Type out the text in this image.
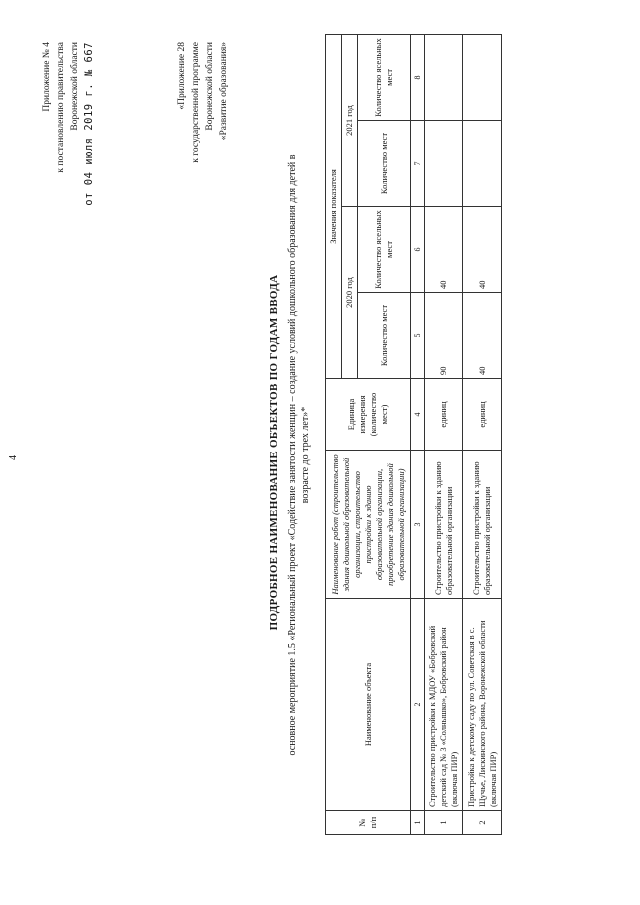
4
Приложение № 4 к постановлению правительства Воронежской области от 04 июля 2019 г. № 667	«Приложение 28 к государственной программе Воронежской области «Развитие образования»
ПОДРОБНОЕ НАИМЕНОВАНИЕ ОБЪЕКТОВ ПО ГОДАМ ВВОДА основное мероприятие 1.5 «Региональный проект «Содействие занятости женщин – создание условий дошкольного образования для детей в возрасте до трех лет»*
№ п/п	Наименование объекта	Наименование работ (строительство здания дошкольной образовательной организации, строительство пристройки к зданию образовательной организации, приобретение здания дошкольной образовательной организации)	Единица измерения (количество мест)	Значения показателя			
				2020 год		2021 год	
				Количество мест	Количество ясельных мест	Количество мест	Количество ясельных мест
1	2	3	4	5	6	7	8
1	Строительство пристройки к МДОУ «Бобровский детский сад № 3 «Солнышко», Бобровский район (включая ПИР)	Строительство пристройки к зданию образовательной организации	единиц	90	40		
2	Пристройка к детскому саду по ул. Советская в с. Щучье, Лискинского района, Воронежской области (включая ПИР)	Строительство пристройки к зданию образовательной организации	единиц	40	40		
